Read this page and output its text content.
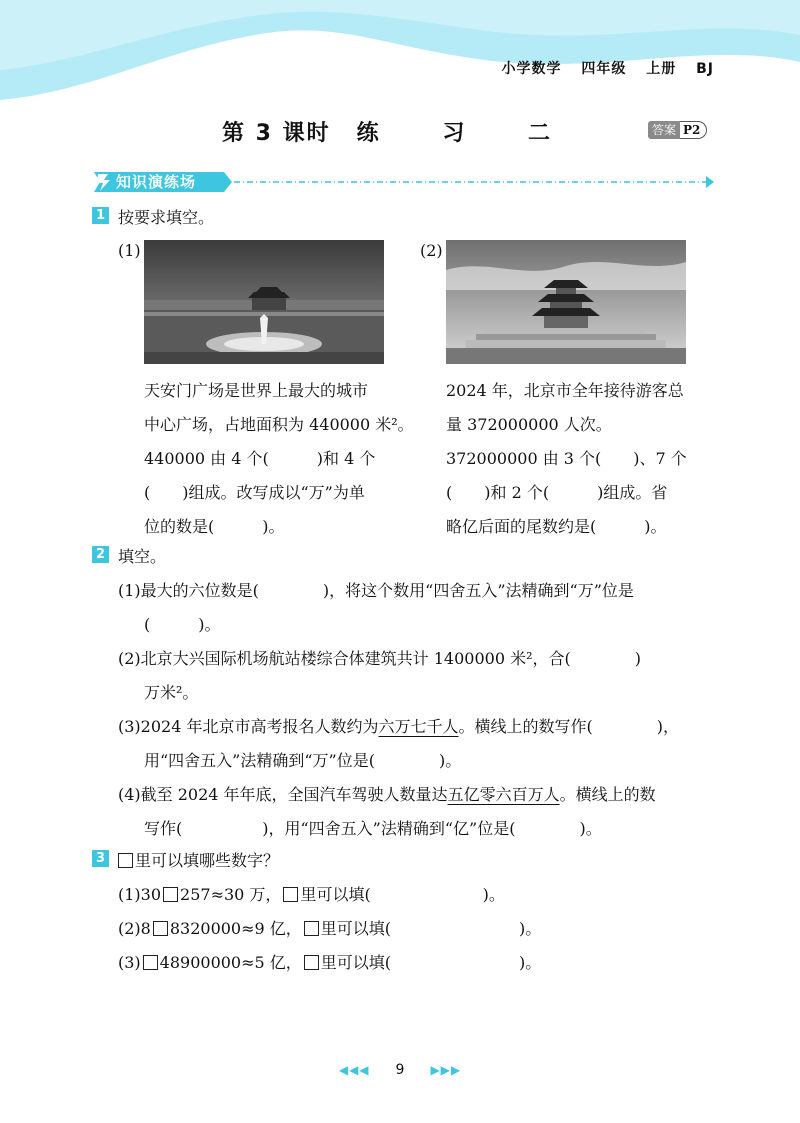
小学数学 四年级 上册 BJ
第 3 课时 练 习 二	答案 P2
知识演练场
1 按要求填空。
(1)
天安门广场是世界上最大的城市
中心广场，占地面积为 440000 米²。
440000 由 4 个(　　　)和 4 个
(　　)组成。改写成以“万”为单
位的数是(　　　)。
(2)
2024 年，北京市全年接待游客总
量 372000000 人次。
372000000 由 3 个(　　)、7 个
(　　)和 2 个(　　　)组成。省
略亿后面的尾数约是(　　　)。
2 填空。
(1)最大的六位数是(　　　　)，将这个数用“四舍五入”法精确到“万”位是
(　　　)。
(2)北京大兴国际机场航站楼综合体建筑共计 1400000 米²，合(　　　　)
万米²。
(3)2024 年北京市高考报名人数约为六万七千人。横线上的数写作(　　　　)，
用“四舍五入”法精确到“万”位是(　　　　)。
(4)截至 2024 年年底，全国汽车驾驶人数量达五亿零六百万人。横线上的数
写作(　　　　　)，用“四舍五入”法精确到“亿”位是(　　　　)。
3	里可以填哪些数字？
(1)30 257≈30 万， 里可以填(　　　　　　　)。
(2)8 8320000≈9 亿， 里可以填(　　　　　　　　)。
(3) 48900000≈5 亿， 里可以填(　　　　　　　　)。
◀◀◀ 9 ▶▶▶
